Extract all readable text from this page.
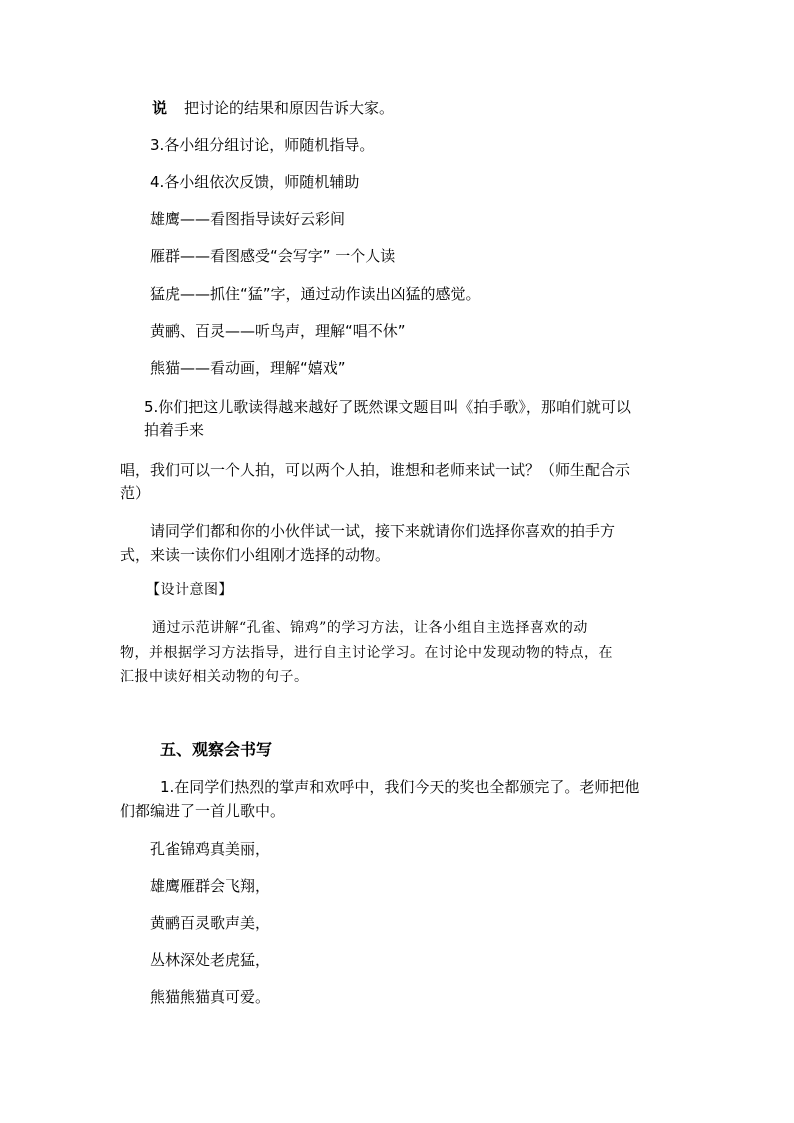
说 把讨论的结果和原因告诉大家。

3.各小组分组讨论，师随机指导。

4.各小组依次反馈，师随机辅助

雄鹰——看图指导读好云彩间

雁群——看图感受“会写字” 一个人读

猛虎——抓住“猛”字，通过动作读出凶猛的感觉。

黄鹂、百灵——听鸟声，理解“唱不休”

熊猫——看动画，理解“嬉戏”

5.你们把这儿歌读得越来越好了既然课文题目叫《拍手歌》，那咱们就可以

拍着手来

唱，我们可以一个人拍，可以两个人拍，谁想和老师来试一试？（师生配合示

范）

请同学们都和你的小伙伴试一试，接下来就请你们选择你喜欢的拍手方

式，来读一读你们小组刚才选择的动物。

【设计意图】

通过示范讲解“孔雀、锦鸡”的学习方法，让各小组自主选择喜欢的动

物，并根据学习方法指导，进行自主讨论学习。在讨论中发现动物的特点，在

汇报中读好相关动物的句子。

五、观察会书写

1.在同学们热烈的掌声和欢呼中，我们今天的奖也全都颁完了。老师把他

们都编进了一首儿歌中。

孔雀锦鸡真美丽，

雄鹰雁群会飞翔，

黄鹂百灵歌声美，

丛林深处老虎猛，

熊猫熊猫真可爱。
